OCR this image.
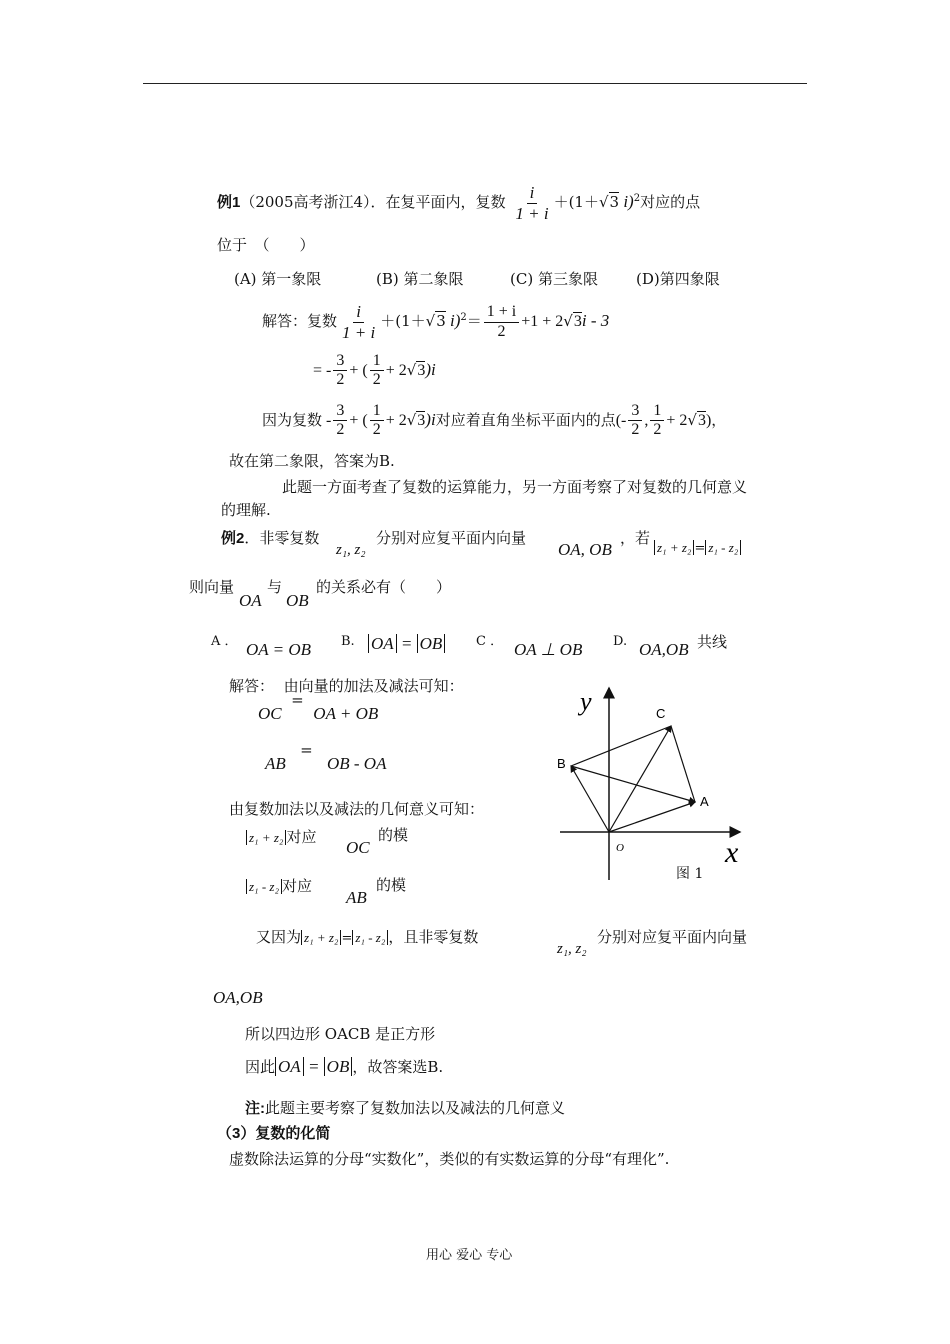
例1（2005高考浙江4）．在复平面内，复数 $\frac{i}{1 + i} +(1+√3$ i)$^2$对应的点
位于　（　　）
(A) 第一象限	(B) 第二象限	(C) 第三象限	(D)第四象限
解答：复数 $\frac{i}{1 + i} +(1+√3$ $i)^2= \frac{1 + i}{2} +1 + 2√3i - 3$
= - $\frac{3}{2}$ + ( $\frac{1}{2} + 2√3)i$
因为复数 - $\frac{3}{2}$ + ( $\frac{1}{2} + 2√3)i$对应着直角坐标平面内的点(- $\frac{3}{2}$ , $\frac{1}{2} + 2√3$)，
故在第二象限，答案为B.
此题一方面考查了复数的运算能力，另一方面考察了对复数的几何意义
的理解.
例2．非零复数
z₁, z₂
分别对应复平面内向量
OA, OB
，若
z₁ + z₂ = z₁ - z₂
则向量
OA
与
OB
的关系必有（　　）
A ． OA = OB B. OA = OB	C ． OA ⊥ OB D. OA,OB 共线
解答： 由向量的加法及减法可知：
OC  =  OA + OB
AB   =   OB - OA
由复数加法以及减法的几何意义可知：
z₁ + z₂ 对应
OC
的模
z₁ - z₂ 对应
AB
的模
又因为 z₁ + z₂ = z₁ - z₂ ，且非零复数
z₁, z₂
分别对应复平面内向量
OA,OB
所以四边形 OACB 是正方形
因此 OA = OB ，故答案选B.
注:此题主要考察了复数加法以及减法的几何意义
（3）复数的化简
虚数除法运算的分母“实数化”，类似的有实数运算的分母“有理化”.
y
x
O
A
B
C
图 1
用心 爱心 专心
